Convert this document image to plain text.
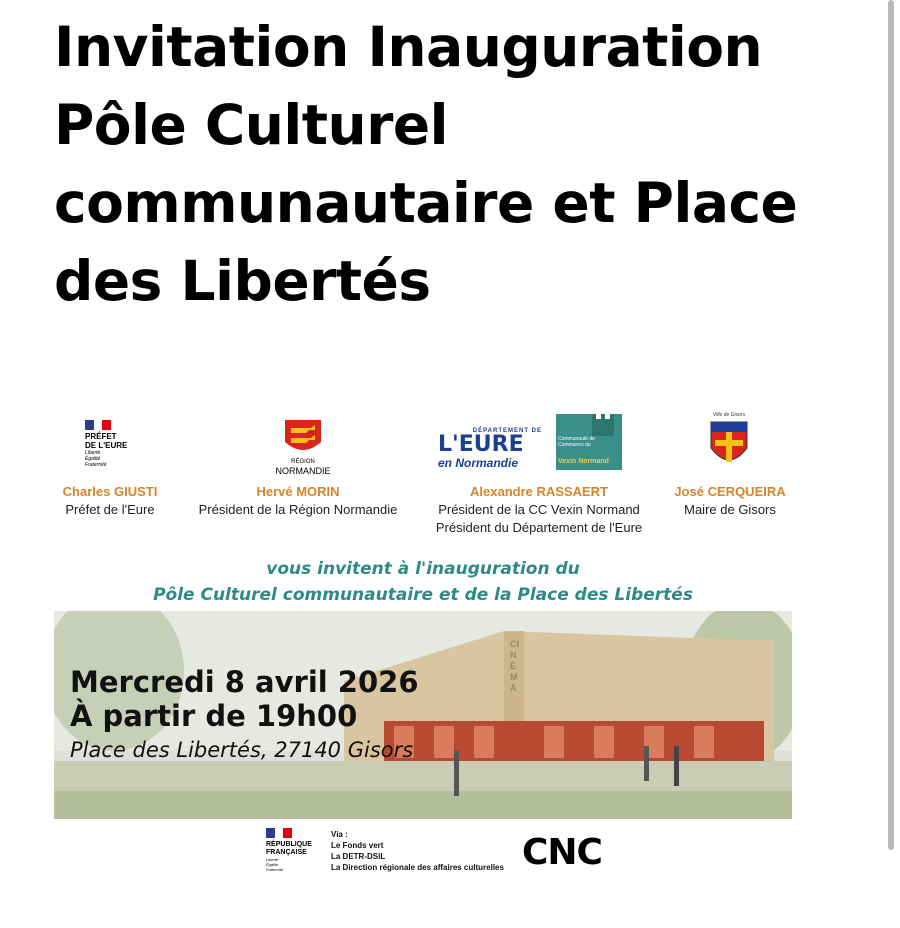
Invitation Inauguration
Pôle Culturel
communautaire et Place
des Libertés
PRÉFET
DE L'EURE
Liberté
Égalité
Fraternité	RÉGION
NORMANDIE
DÉPARTEMENT DE
L'EURE
en Normandie
Communauté de
Communes du
Vexin Normand
Ville de Gisors
Charles GIUSTI
Préfet de l'Eure
Hervé MORIN
Président de la Région Normandie
Alexandre RASSAERT
Président de la CC Vexin Normand
Président du Département de l'Eure
José CERQUEIRA
Maire de Gisors
vous invitent à l'inauguration du
Pôle Culturel communautaire et de la Place des Libertés
CINÉMA
Mercredi 8 avril 2026
À partir de 19h00
Place des Libertés, 27140 Gisors
RÉPUBLIQUE
FRANÇAISE
Liberté
Égalité
Fraternité
Via :
Le Fonds vert
La DETR-DSIL
La Direction régionale des affaires culturelles CNC
